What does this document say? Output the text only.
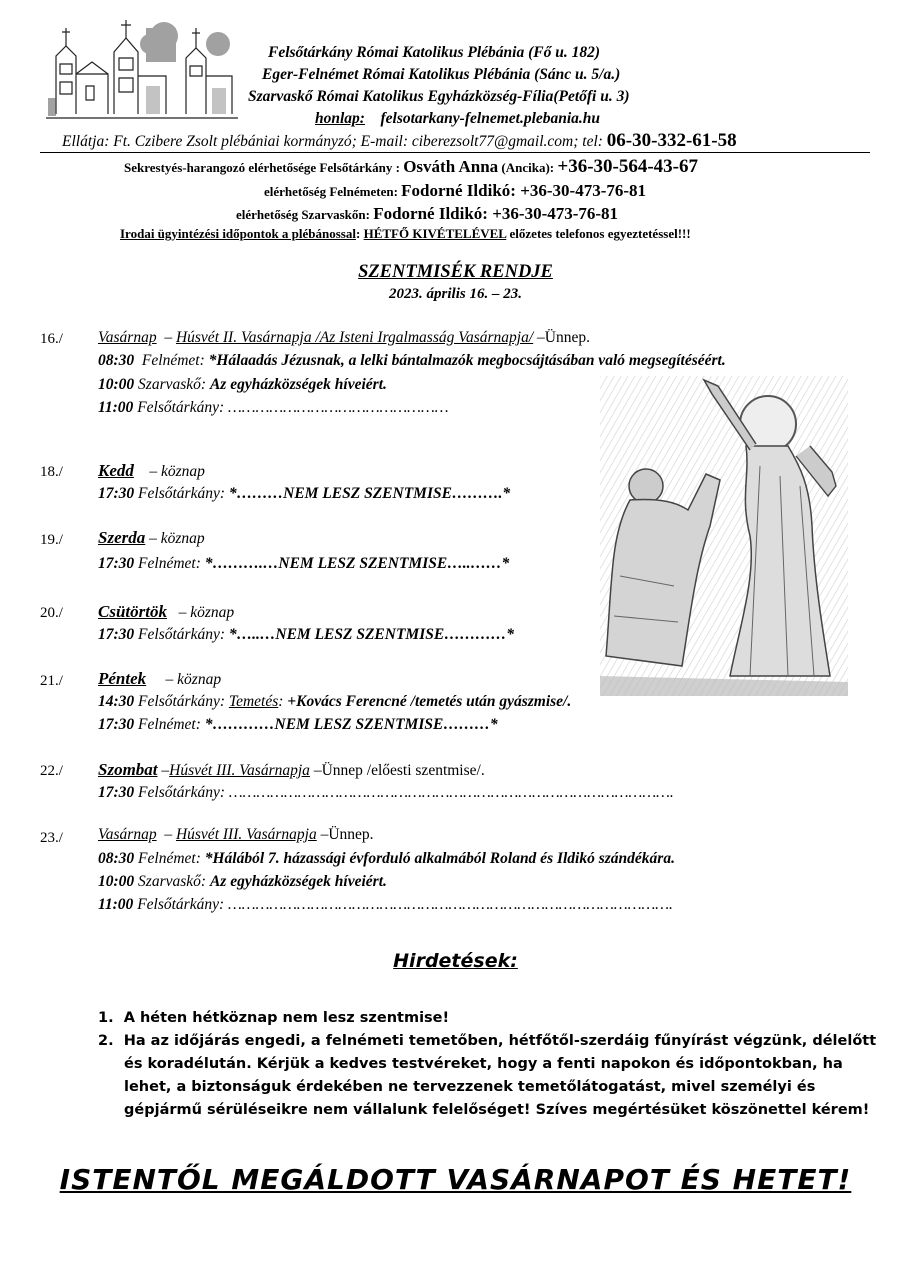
Felsőtárkány Római Katolikus Plébánia (Fő u. 182)
Eger-Felnémet Római Katolikus Plébánia (Sánc u. 5/a.)
Szarvaskő Római Katolikus Egyházközség-Fília(Petőfi u. 3)
honlap: felsotarkany-felnemet.plebania.hu
Ellátja: Ft. Czibere Zsolt plébániai kormányzó; E-mail: ciberezsolt77@gmail.com; tel: 06-30-332-61-58
Sekrestyés-harangozó elérhetősége Felsőtárkány : Osváth Anna (Ancika): +36-30-564-43-67
elérhetőség Felnémeten: Fodorné Ildikó: +36-30-473-76-81
elérhetőség Szarvaskőn: Fodorné Ildikó: +36-30-473-76-81
Irodai ügyintézési időpontok a plébánossal: HÉTFŐ KIVÉTELÉVEL előzetes telefonos egyeztetéssel!!!
SZENTMISÉK RENDJE
2023. április 16. – 23.
16./ Vasárnap – Húsvét II. Vasárnapja /Az Isteni Irgalmasság Vasárnapja/ –Ünnep.
08:30 Felnémet: *Hálaadás Jézusnak, a lelki bántalmazók megbocsájtásában való megsegítéséért.
10:00 Szarvaskő: Az egyházközségek híveiért.
11:00 Felsőtárkány: …………………………………………
18./ Kedd – köznap
17:30 Felsőtárkány: *………NEM LESZ SZENTMISE……….*
19./ Szerda – köznap
17:30 Felnémet: *……….…NEM LESZ SZENTMISE…..……*
20./ Csütörtök – köznap
17:30 Felsőtárkány: *…..…NEM LESZ SZENTMISE…………*
21./ Péntek – köznap
14:30 Felsőtárkány: Temetés: +Kovács Ferencné /temetés után gyászmise/.
17:30 Felnémet: *…………NEM LESZ SZENTMISE………*
22./ Szombat –Húsvét III. Vasárnapja –Ünnep /előesti szentmise/.
17:30 Felsőtárkány: …………………………………………………………………………………….
23./ Vasárnap – Húsvét III. Vasárnapja –Ünnep.
08:30 Felnémet: *Hálából 7. házassági évforduló alkalmából Roland és Ildikó szándékára.
10:00 Szarvaskő: Az egyházközségek híveiért.
11:00 Felsőtárkány: …………………………………………………………………………………….
Hirdetések:
1. A héten hétköznap nem lesz szentmise!
2. Ha az időjárás engedi, a felnémeti temetőben, hétfőtől-szerdáig fűnyírást végzünk, délelőtt
és koradélután. Kérjük a kedves testvéreket, hogy a fenti napokon és időpontokban, ha
lehet, a biztonságuk érdekében ne tervezzenek temetőlátogatást, mivel személyi és
gépjármű sérüléseikre nem vállalunk felelőséget! Szíves megértésüket köszönettel kérem!
ISTENTŐL MEGÁLDOTT VASÁRNAPOT ÉS HETET!
